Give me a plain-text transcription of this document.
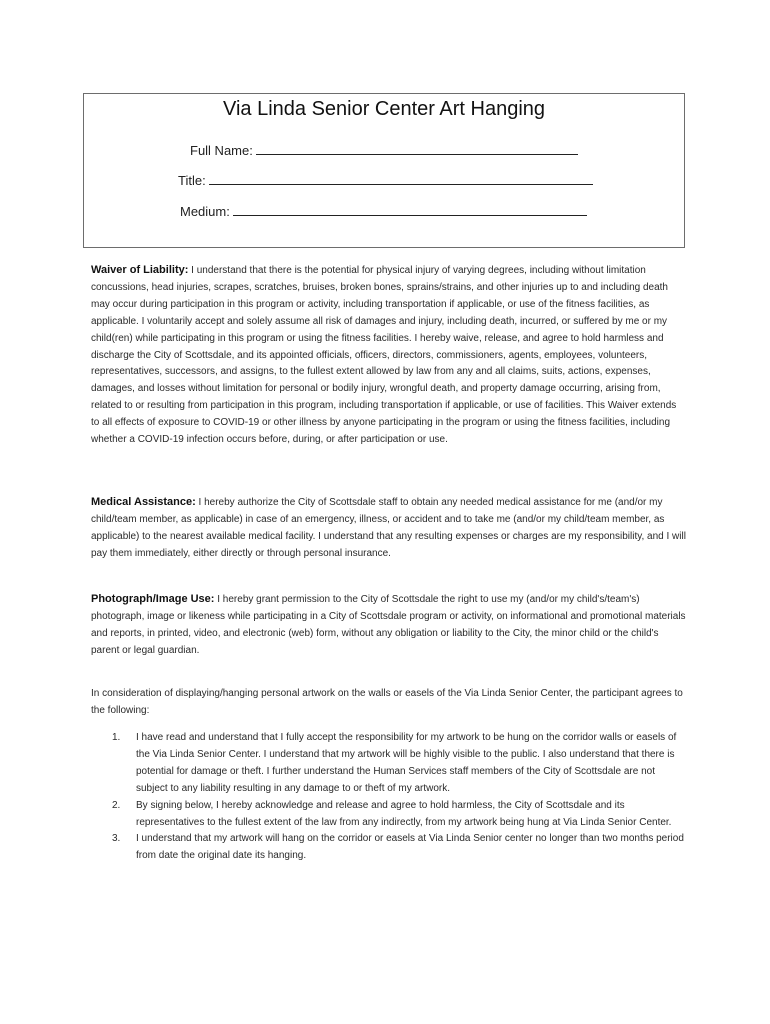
Via Linda Senior Center Art Hanging
Full Name:
Title:
Medium:

Waiver of Liability: I understand that there is the potential for physical injury of varying degrees, including without limitation concussions, head injuries, scrapes, scratches, bruises, broken bones, sprains/strains, and other injuries up to and including death may occur during participation in this program or activity, including transportation if applicable, or use of the fitness facilities, as applicable. I voluntarily accept and solely assume all risk of damages and injury, including death, incurred, or suffered by me or my child(ren) while participating in this program or using the fitness facilities. I hereby waive, release, and agree to hold harmless and discharge the City of Scottsdale, and its appointed officials, officers, directors, commissioners, agents, employees, volunteers, representatives, successors, and assigns, to the fullest extent allowed by law from any and all claims, suits, actions, expenses, damages, and losses without limitation for personal or bodily injury, wrongful death, and property damage occurring, arising from, related to or resulting from participation in this program, including transportation if applicable, or use of facilities. This Waiver extends to all effects of exposure to COVID-19 or other illness by anyone participating in the program or using the fitness facilities, including whether a COVID-19 infection occurs before, during, or after participation or use.

Medical Assistance: I hereby authorize the City of Scottsdale staff to obtain any needed medical assistance for me (and/or my child/team member, as applicable) in case of an emergency, illness, or accident and to take me (and/or my child/team member, as applicable) to the nearest available medical facility. I understand that any resulting expenses or charges are my responsibility, and I will pay them immediately, either directly or through personal insurance.

Photograph/Image Use: I hereby grant permission to the City of Scottsdale the right to use my (and/or my child's/team's) photograph, image or likeness while participating in a City of Scottsdale program or activity, on informational and promotional materials and reports, in printed, video, and electronic (web) form, without any obligation or liability to the City, the minor child or the child's parent or legal guardian.

In consideration of displaying/hanging personal artwork on the walls or easels of the Via Linda Senior Center, the participant agrees to the following:

1. I have read and understand that I fully accept the responsibility for my artwork to be hung on the corridor walls or easels of the Via Linda Senior Center. I understand that my artwork will be highly visible to the public. I also understand that there is potential for damage or theft. I further understand the Human Services staff members of the City of Scottsdale are not subject to any liability resulting in any damage to or theft of my artwork.
2. By signing below, I hereby acknowledge and release and agree to hold harmless, the City of Scottsdale and its representatives to the fullest extent of the law from any indirectly, from my artwork being hung at Via Linda Senior Center.
3. I understand that my artwork will hang on the corridor or easels at Via Linda Senior center no longer than two months period from date the original date its hanging.
